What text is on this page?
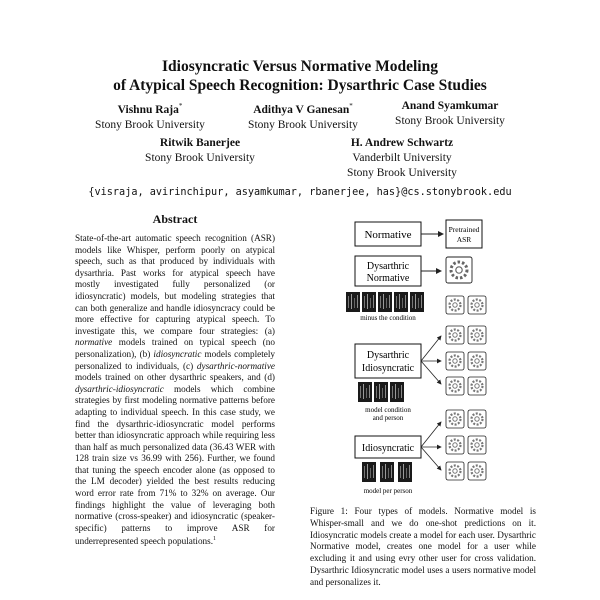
Idiosyncratic Versus Normative Modeling
of Atypical Speech Recognition: Dysarthric Case Studies
Vishnu Raja*
Stony Brook University
Adithya V Ganesan*
Stony Brook University
Anand Syamkumar
Stony Brook University
Ritwik Banerjee
Stony Brook University
H. Andrew Schwartz
Vanderbilt University
Stony Brook University
{visraja, avirinchipur, asyamkumar, rbanerjee, has}@cs.stonybrook.edu
Abstract

State-of-the-art automatic speech recognition (ASR) models like Whisper, perform poorly on atypical speech, such as that produced by individuals with dysarthria. Past works for atypical speech have mostly investigated fully personalized (or idiosyncratic) models, but modeling strategies that can both generalize and handle idiosyncracy could be more effective for capturing atypical speech. To investigate this, we compare four strategies: (a) normative models trained on typical speech (no personalization), (b) idiosyncratic models completely personalized to individuals, (c) dysarthric-normative models trained on other dysarthric speakers, and (d) dysarthric-idiosyncratic models which combine strategies by first modeling normative patterns before adapting to individual speech. In this case study, we find the dysarthric-idiosyncratic model performs better than idiosyncratic approach while requiring less than half as much personalized data (36.43 WER with 128 train size vs 36.99 with 256). Further, we found that tuning the speech encoder alone (as opposed to the LM decoder) yielded the best results reducing word error rate from 71% to 32% on average. Our findings highlight the value of leveraging both normative (cross-speaker) and idiosyncratic (speaker-specific) patterns to improve ASR for underrepresented speech populations.$^1$

Normative	Pretrained
ASR
Dysarthric
Normative
minus the condition
Dysarthric
Idiosyncratic
model condition
and person
Idiosyncratic
model per person

Figure 1: Four types of models. Normative model is Whisper-small and we do one-shot predictions on it. Idiosyncratic models create a model for each user. Dysarthric Normative model, creates one model for a user while excluding it and using evry other user for cross validation. Dysarthric Idiosyncratic model uses a users normative model and personalizes it.
